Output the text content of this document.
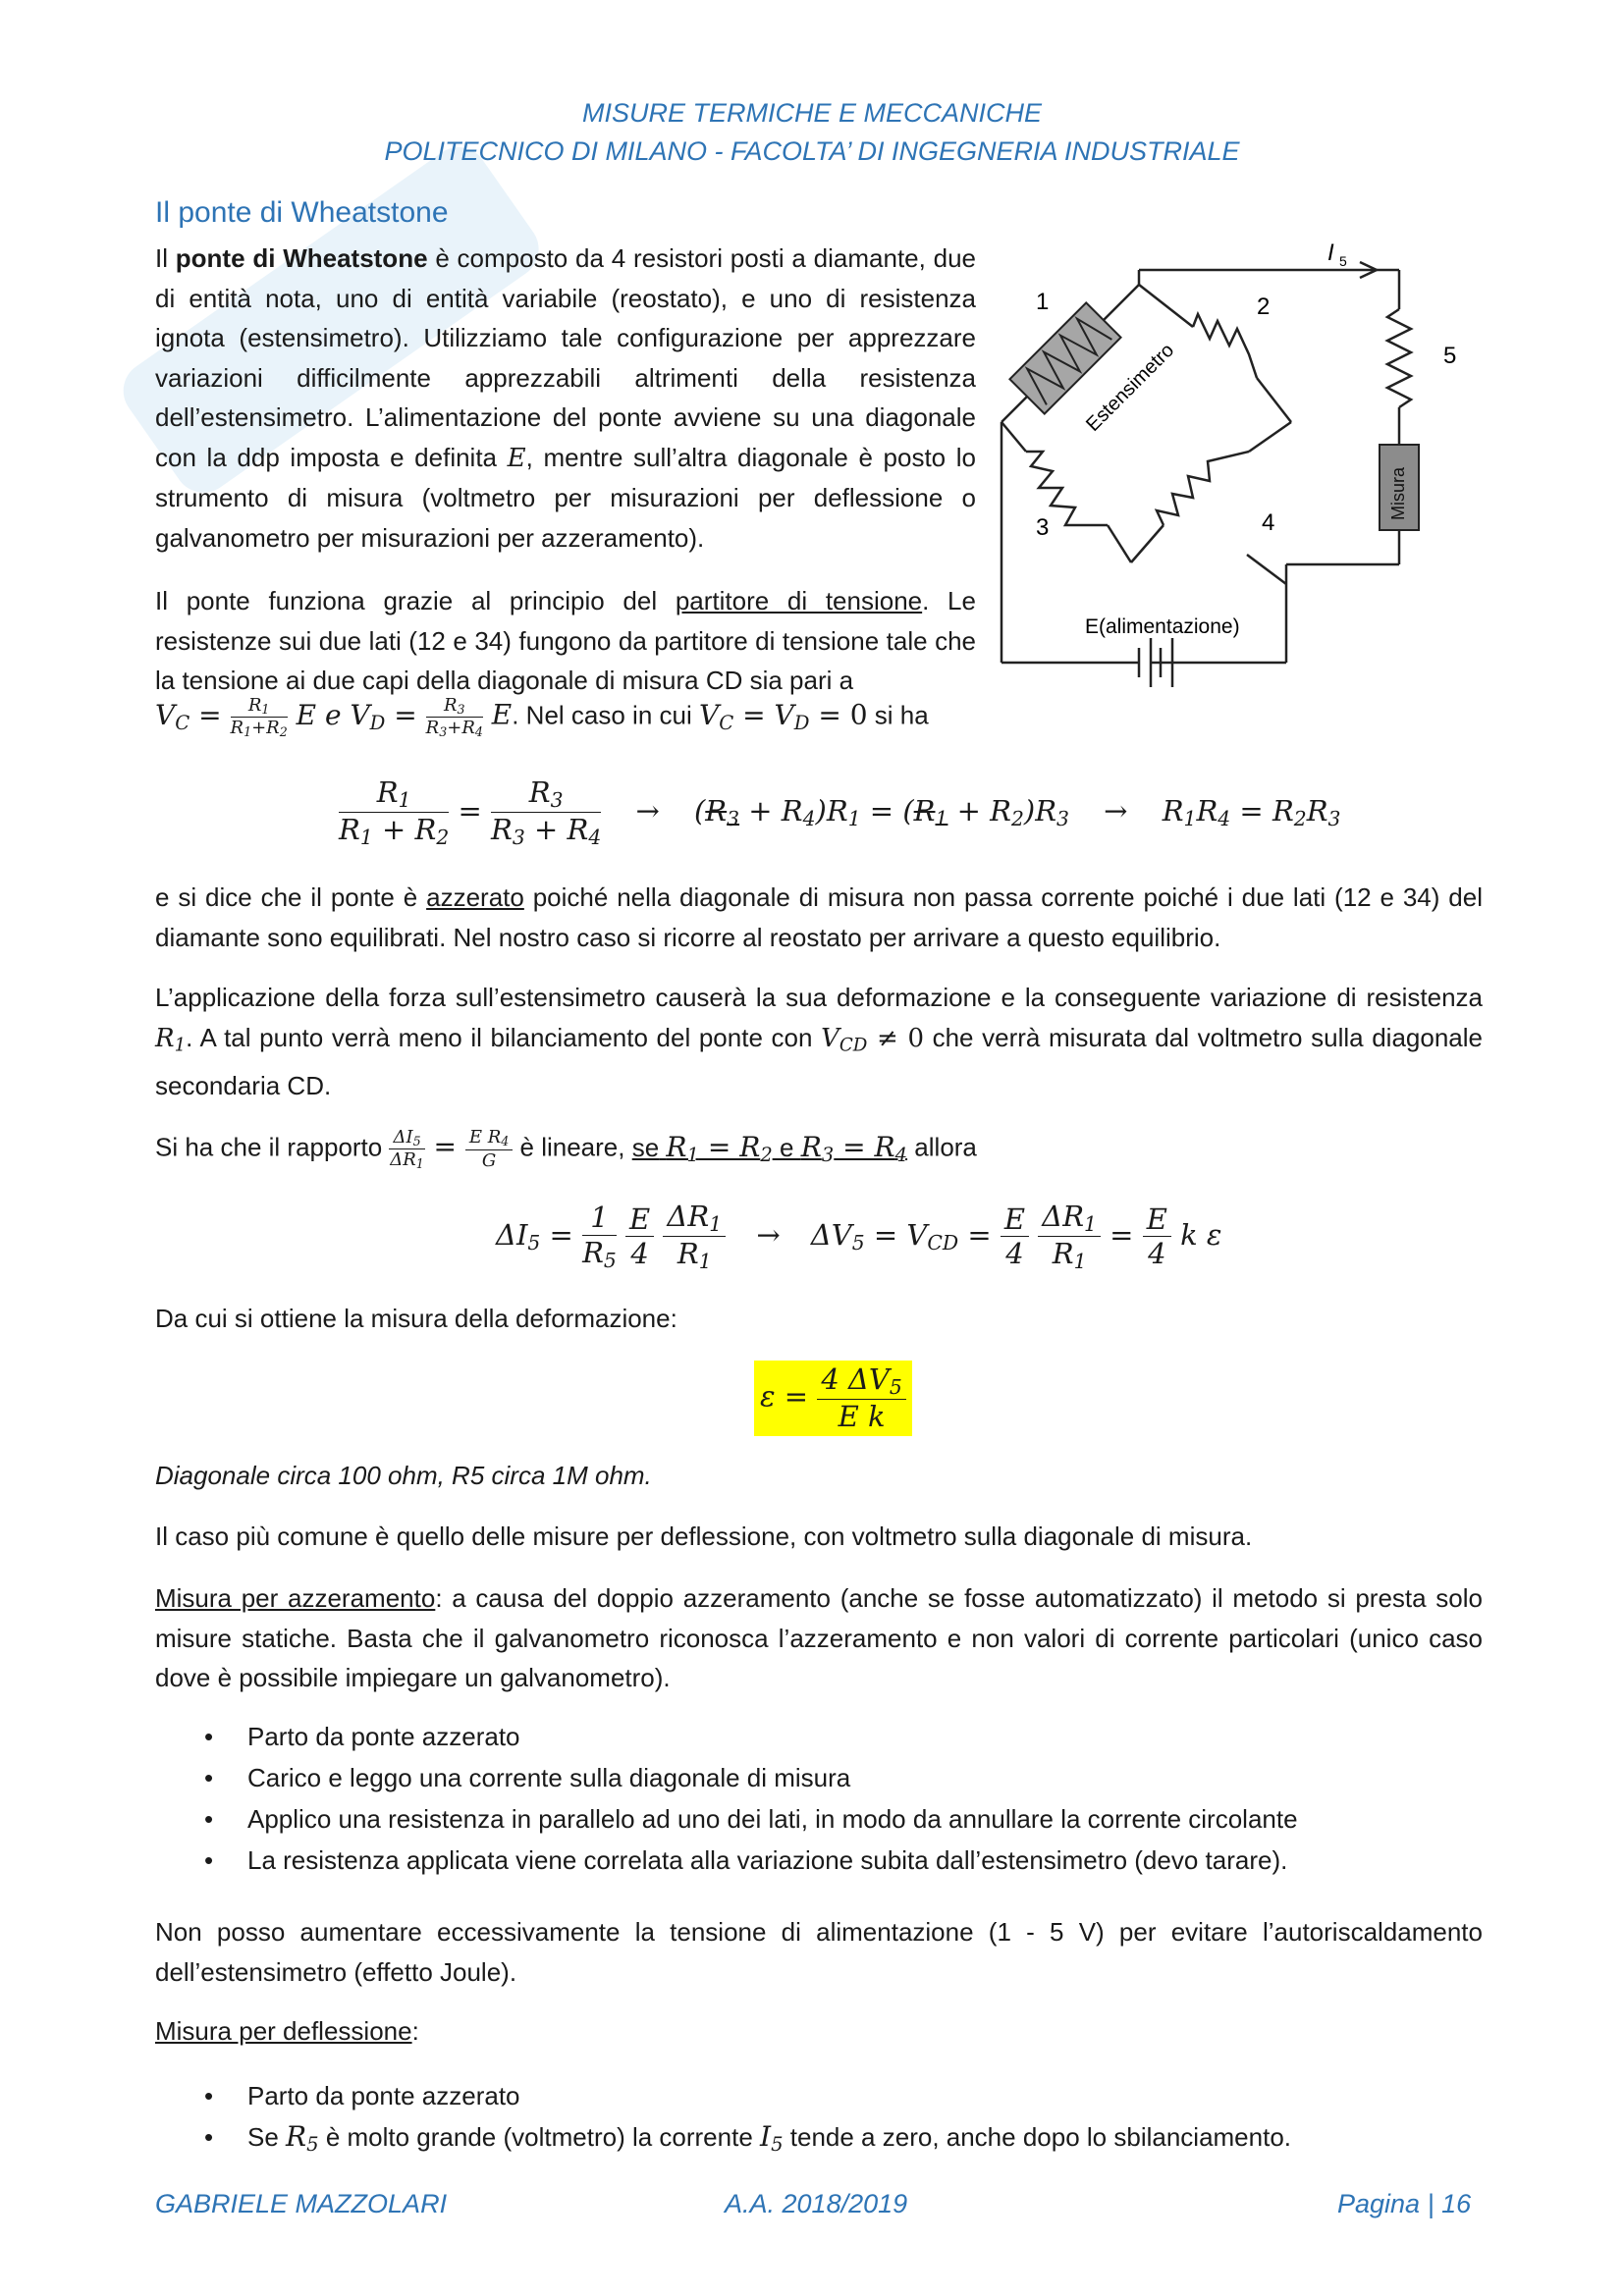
MISURE TERMICHE E MECCANICHE
POLITECNICO DI MILANO - FACOLTA’ DI INGEGNERIA INDUSTRIALE
Il ponte di Wheatstone
Il ponte di Wheatstone è composto da 4 resistori posti a diamante, due di entità nota, uno di entità variabile (reostato), e uno di resistenza ignota (estensimetro). Utilizziamo tale configurazione per apprezzare variazioni difficilmente apprezzabili altrimenti della resistenza dell’estensimetro. L’alimentazione del ponte avviene su una diagonale con la ddp imposta e definita E, mentre sull’altra diagonale è posto lo strumento di misura (voltmetro per misurazioni per deflessione o galvanometro per misurazioni per azzeramento).
Il ponte funziona grazie al principio del partitore di tensione. Le resistenze sui due lati (12 e 34) fungono da partitore di tensione tale che la tensione ai due capi della diagonale di misura CD sia pari a
$V_C = \frac{R_1}{R_1+R_2}$ E e $V_D = \frac{R_3}{R_3+R_4} E$. Nel caso in cui $V_C = V_D = 0$ si ha
Estensimetro
Misura
1	2
3	4
5
I 5
E(alimentazione)
$\frac{R_1}{R_1 + R_2} = \frac{R_3}{R_3 + R_4} \to (R_3 + R_4)R_1 = (R_1 + R_2)R_3 \to R_1R_4 = R_2R_3$
e si dice che il ponte è azzerato poiché nella diagonale di misura non passa corrente poiché i due lati (12 e 34) del diamante sono equilibrati. Nel nostro caso si ricorre al reostato per arrivare a questo equilibrio.
L’applicazione della forza sull’estensimetro causerà la sua deformazione e la conseguente variazione di resistenza $R_1$. A tal punto verrà meno il bilanciamento del ponte con $V_{CD} \ne 0$ che verrà misurata dal voltmetro sulla diagonale secondaria CD.
Si ha che il rapporto $\frac{\Delta I_5}{\Delta R_1} = \frac{E R_4}{G}$ è lineare, se $R_1 = R_2$ e $R_3 = R_4$ allora
$\Delta I_5 = \frac{1}{R_5}$
$\frac{E}{4}$
$\frac{\Delta R_1}{R_1} \to \Delta V_5 = V_{CD} = \frac{E}{4}$
$\frac{\Delta R_1}{R_1} = \frac{E}{4}$ k ε
Da cui si ottiene la misura della deformazione:
$\varepsilon = \frac{4 \Delta V_5}{\text{E k}}$
Diagonale circa 100 ohm, R5 circa 1M ohm.
Il caso più comune è quello delle misure per deflessione, con voltmetro sulla diagonale di misura.
Misura per azzeramento: a causa del doppio azzeramento (anche se fosse automatizzato) il metodo si presta solo misure statiche. Basta che il galvanometro riconosca l’azzeramento e non valori di corrente particolari (unico caso dove è possibile impiegare un galvanometro).
• Parto da ponte azzerato
• Carico e leggo una corrente sulla diagonale di misura
• Applico una resistenza in parallelo ad uno dei lati, in modo da annullare la corrente circolante
• La resistenza applicata viene correlata alla variazione subita dall’estensimetro (devo tarare).
Non posso aumentare eccessivamente la tensione di alimentazione (1 - 5 V) per evitare l’autoriscaldamento dell’estensimetro (effetto Joule).
Misura per deflessione:
• Parto da ponte azzerato
• Se $R_5$ è molto grande (voltmetro) la corrente $I_5$ tende a zero, anche dopo lo sbilanciamento.
GABRIELE MAZZOLARI	A.A. 2018/2019	Pagina | 16
